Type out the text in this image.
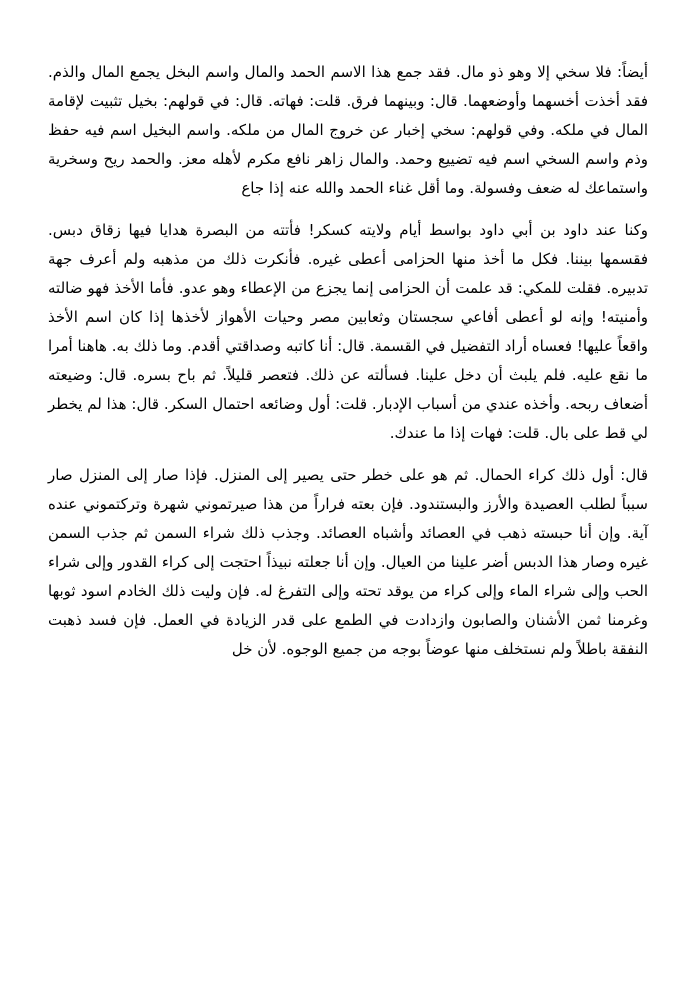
أيضاً: فلا سخي إلا وهو ذو مال. فقد جمع هذا الاسم الحمد والمال واسم البخل يجمع المال والذم. فقد أخذت أخسهما وأوضعهما. قال: وبينهما فرق. قلت: فهاته. قال: في قولهم: بخيل تثبيت لإقامة المال في ملكه. وفي قولهم: سخي إخبار عن خروج المال من ملكه. واسم البخيل اسم فيه حفظ وذم واسم السخي اسم فيه تضييع وحمد. والمال زاهر نافع مكرم لأهله معز. والحمد ريح وسخرية واستماعك له ضعف وفسولة. وما أقل غناء الحمد والله عنه إذا جاع

وكنا عند داود بن أبي داود بواسط أيام ولايته كسكر! فأتته من البصرة هدايا فيها زقاق دبس. فقسمها بيننا. فكل ما أخذ منها الحزامى أعطى غيره. فأنكرت ذلك من مذهبه ولم أعرف جهة تدبيره. فقلت للمكي: قد علمت أن الحزامى إنما يجزع من الإعطاء وهو عدو. فأما الأخذ فهو ضالته وأمنيته! وإنه لو أعطى أفاعي سجستان وثعابين مصر وحيات الأهواز لأخذها إذا كان اسم الأخذ واقعاً عليها! فعساه أراد التفضيل في القسمة. قال: أنا كاتبه وصداقتي أقدم. وما ذلك به. هاهنا أمرا ما نقع عليه. فلم يلبث أن دخل علينا. فسألته عن ذلك. فتعصر قليلاً. ثم باح بسره. قال: وضيعته أضعاف ربحه. وأخذه عندي من أسباب الإدبار. قلت: أول وضائعه احتمال السكر. قال: هذا لم يخطر لي قط على بال. قلت: فهات إذا ما عندك.

قال: أول ذلك كراء الحمال. ثم هو على خطر حتى يصير إلى المنزل. فإذا صار إلى المنزل صار سبباً لطلب العصيدة والأرز والبستندود. فإن بعته فراراً من هذا صيرتموني شهرة وتركتموني عنده آية. وإن أنا حبسته ذهب في العصائد وأشباه العصائد. وجذب ذلك شراء السمن ثم جذب السمن غيره وصار هذا الدبس أضر علينا من العيال. وإن أنا جعلته نبيذاً احتجت إلى كراء القدور وإلى شراء الحب وإلى شراء الماء وإلى كراء من يوقد تحته وإلى التفرغ له. فإن وليت ذلك الخادم اسود ثوبها وغرمنا ثمن الأشنان والصابون وازدادت في الطمع على قدر الزيادة في العمل. فإن فسد ذهبت النفقة باطلاً ولم نستخلف منها عوضاً بوجه من جميع الوجوه. لأن خل
